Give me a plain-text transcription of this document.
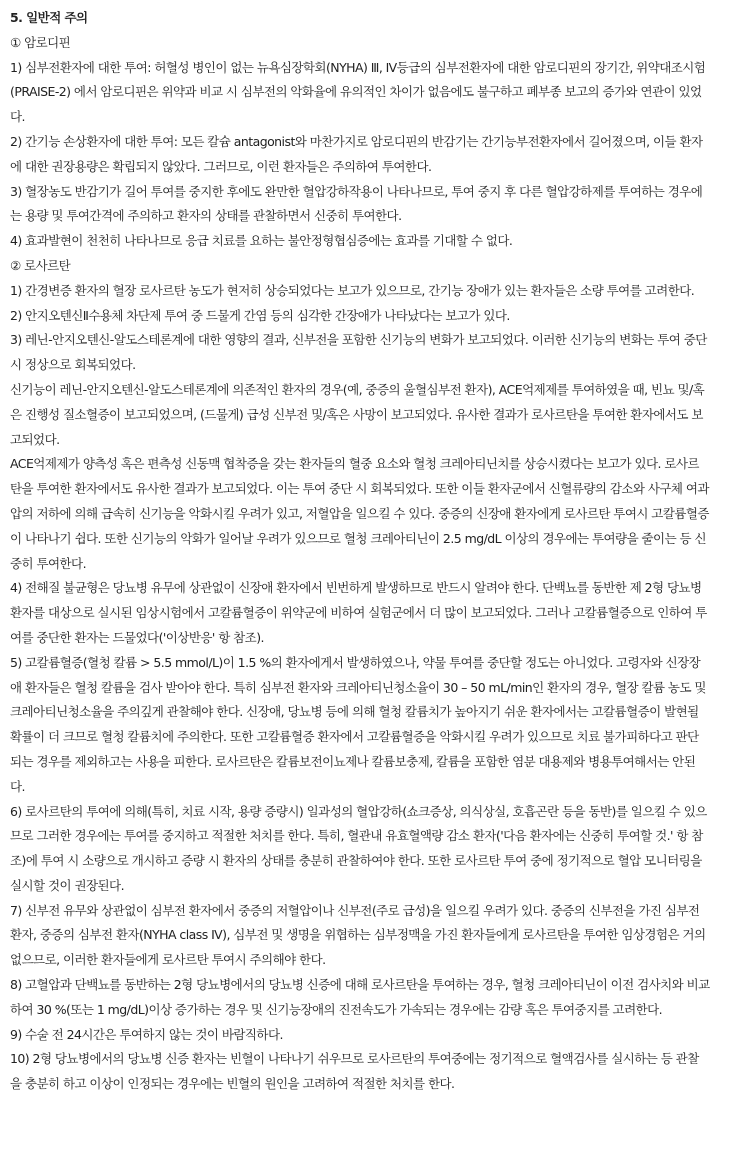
5. 일반적 주의

① 암로디핀

1) 심부전환자에 대한 투여: 허혈성 병인이 없는 뉴욕심장학회(NYHA) Ⅲ, Ⅳ등급의 심부전환자에 대한 암로디핀의 장기간, 위약대조시험 (PRAISE-2) 에서 암로디핀은 위약과 비교 시 심부전의 악화율에 유의적인 차이가 없음에도 불구하고 폐부종 보고의 증가와 연관이 있었다.

2) 간기능 손상환자에 대한 투여: 모든 칼슘 antagonist와 마찬가지로 암로디핀의 반감기는 간기능부전환자에서 길어졌으며, 이들 환자에 대한 권장용량은 확립되지 않았다. 그러므로, 이런 환자들은 주의하여 투여한다.

3) 혈장농도 반감기가 길어 투여를 중지한 후에도 완만한 혈압강하작용이 나타나므로, 투여 중지 후 다른 혈압강하제를 투여하는 경우에는 용량 및 투여간격에 주의하고 환자의 상태를 관찰하면서 신중히 투여한다.

4) 효과발현이 천천히 나타나므로 응급 치료를 요하는 불안정형협심증에는 효과를 기대할 수 없다.

② 로사르탄

1) 간경변증 환자의 혈장 로사르탄 농도가 현저히 상승되었다는 보고가 있으므로, 간기능 장애가 있는 환자들은 소량 투여를 고려한다.

2) 안지오텐신Ⅱ수용체 차단제 투여 중 드물게 간염 등의 심각한 간장애가 나타났다는 보고가 있다.

3) 레닌-안지오텐신-알도스테론계에 대한 영향의 결과, 신부전을 포함한 신기능의 변화가 보고되었다. 이러한 신기능의 변화는 투여 중단시 정상으로 회복되었다.

신기능이 레닌-안지오텐신-알도스테론계에 의존적인 환자의 경우(예, 중증의 울혈심부전 환자), ACE억제제를 투여하였을 때, 빈뇨 및/혹은 진행성 질소혈증이 보고되었으며, (드물게) 급성 신부전 및/혹은 사망이 보고되었다. 유사한 결과가 로사르탄을 투여한 환자에서도 보고되었다.

ACE억제제가 양측성 혹은 편측성 신동맥 협착증을 갖는 환자들의 혈중 요소와 혈청 크레아티닌치를 상승시켰다는 보고가 있다. 로사르탄을 투여한 환자에서도 유사한 결과가 보고되었다. 이는 투여 중단 시 회복되었다. 또한 이들 환자군에서 신혈류량의 감소와 사구체 여과압의 저하에 의해 급속히 신기능을 악화시킬 우려가 있고, 저혈압을 일으킬 수 있다. 중증의 신장애 환자에게 로사르탄 투여시 고칼륨혈증이 나타나기 쉽다. 또한 신기능의 악화가 일어날 우려가 있으므로 혈청 크레아티닌이 2.5 mg/dL 이상의 경우에는 투여량을 줄이는 등 신중히 투여한다.

4) 전해질 불균형은 당뇨병 유무에 상관없이 신장애 환자에서 빈번하게 발생하므로 반드시 알려야 한다. 단백뇨를 동반한 제 2형 당뇨병 환자를 대상으로 실시된 임상시험에서 고칼륨혈증이 위약군에 비하여 실험군에서 더 많이 보고되었다. 그러나 고칼륨혈증으로 인하여 투여를 중단한 환자는 드물었다('이상반응' 항 참조).

5) 고칼륨혈증(혈청 칼륨 > 5.5 mmol/L)이 1.5 %의 환자에게서 발생하였으나, 약물 투여를 중단할 정도는 아니었다. 고령자와 신장장애 환자들은 혈청 칼륨을 검사 받아야 한다. 특히 심부전 환자와 크레아티닌청소율이 30 – 50 mL/min인 환자의 경우, 혈장 칼륨 농도 및 크레아티닌청소율을 주의깊게 관찰해야 한다. 신장애, 당뇨병 등에 의해 혈청 칼륨치가 높아지기 쉬운 환자에서는 고칼륨혈증이 발현될 확률이 더 크므로 혈청 칼륨치에 주의한다. 또한 고칼륨혈증 환자에서 고칼륨혈증을 악화시킬 우려가 있으므로 치료 불가피하다고 판단되는 경우를 제외하고는 사용을 피한다. 로사르탄은 칼륨보전이뇨제나 칼륨보충제, 칼륨을 포함한 염분 대용제와 병용투여해서는 안된다.

6) 로사르탄의 투여에 의해(특히, 치료 시작, 용량 증량시) 일과성의 혈압강하(쇼크증상, 의식상실, 호흡곤란 등을 동반)를 일으킬 수 있으므로 그러한 경우에는 투여를 중지하고 적절한 처치를 한다. 특히, 혈관내 유효혈액량 감소 환자('다음 환자에는 신중히 투여할 것.' 항 참조)에 투여 시 소량으로 개시하고 증량 시 환자의 상태를 충분히 관찰하여야 한다. 또한 로사르탄 투여 중에 정기적으로 혈압 모니터링을 실시할 것이 권장된다.

7) 신부전 유무와 상관없이 심부전 환자에서 중증의 저혈압이나 신부전(주로 급성)을 일으킬 우려가 있다. 중증의 신부전을 가진 심부전 환자, 중증의 심부전 환자(NYHA class Ⅳ), 심부전 및 생명을 위협하는 심부정맥을 가진 환자들에게 로사르탄을 투여한 임상경험은 거의 없으므로, 이러한 환자들에게 로사르탄 투여시 주의해야 한다.

8) 고혈압과 단백뇨를 동반하는 2형 당뇨병에서의 당뇨병 신증에 대해 로사르탄을 투여하는 경우, 혈청 크레아티닌이 이전 검사치와 비교하여 30 %(또는 1 mg/dL)이상 증가하는 경우 및 신기능장애의 진전속도가 가속되는 경우에는 감량 혹은 투여중지를 고려한다.

9) 수술 전 24시간은 투여하지 않는 것이 바람직하다.

10) 2형 당뇨병에서의 당뇨병 신증 환자는 빈혈이 나타나기 쉬우므로 로사르탄의 투여중에는 정기적으로 혈액검사를 실시하는 등 관찰을 충분히 하고 이상이 인정되는 경우에는 빈혈의 원인을 고려하여 적절한 처치를 한다.
